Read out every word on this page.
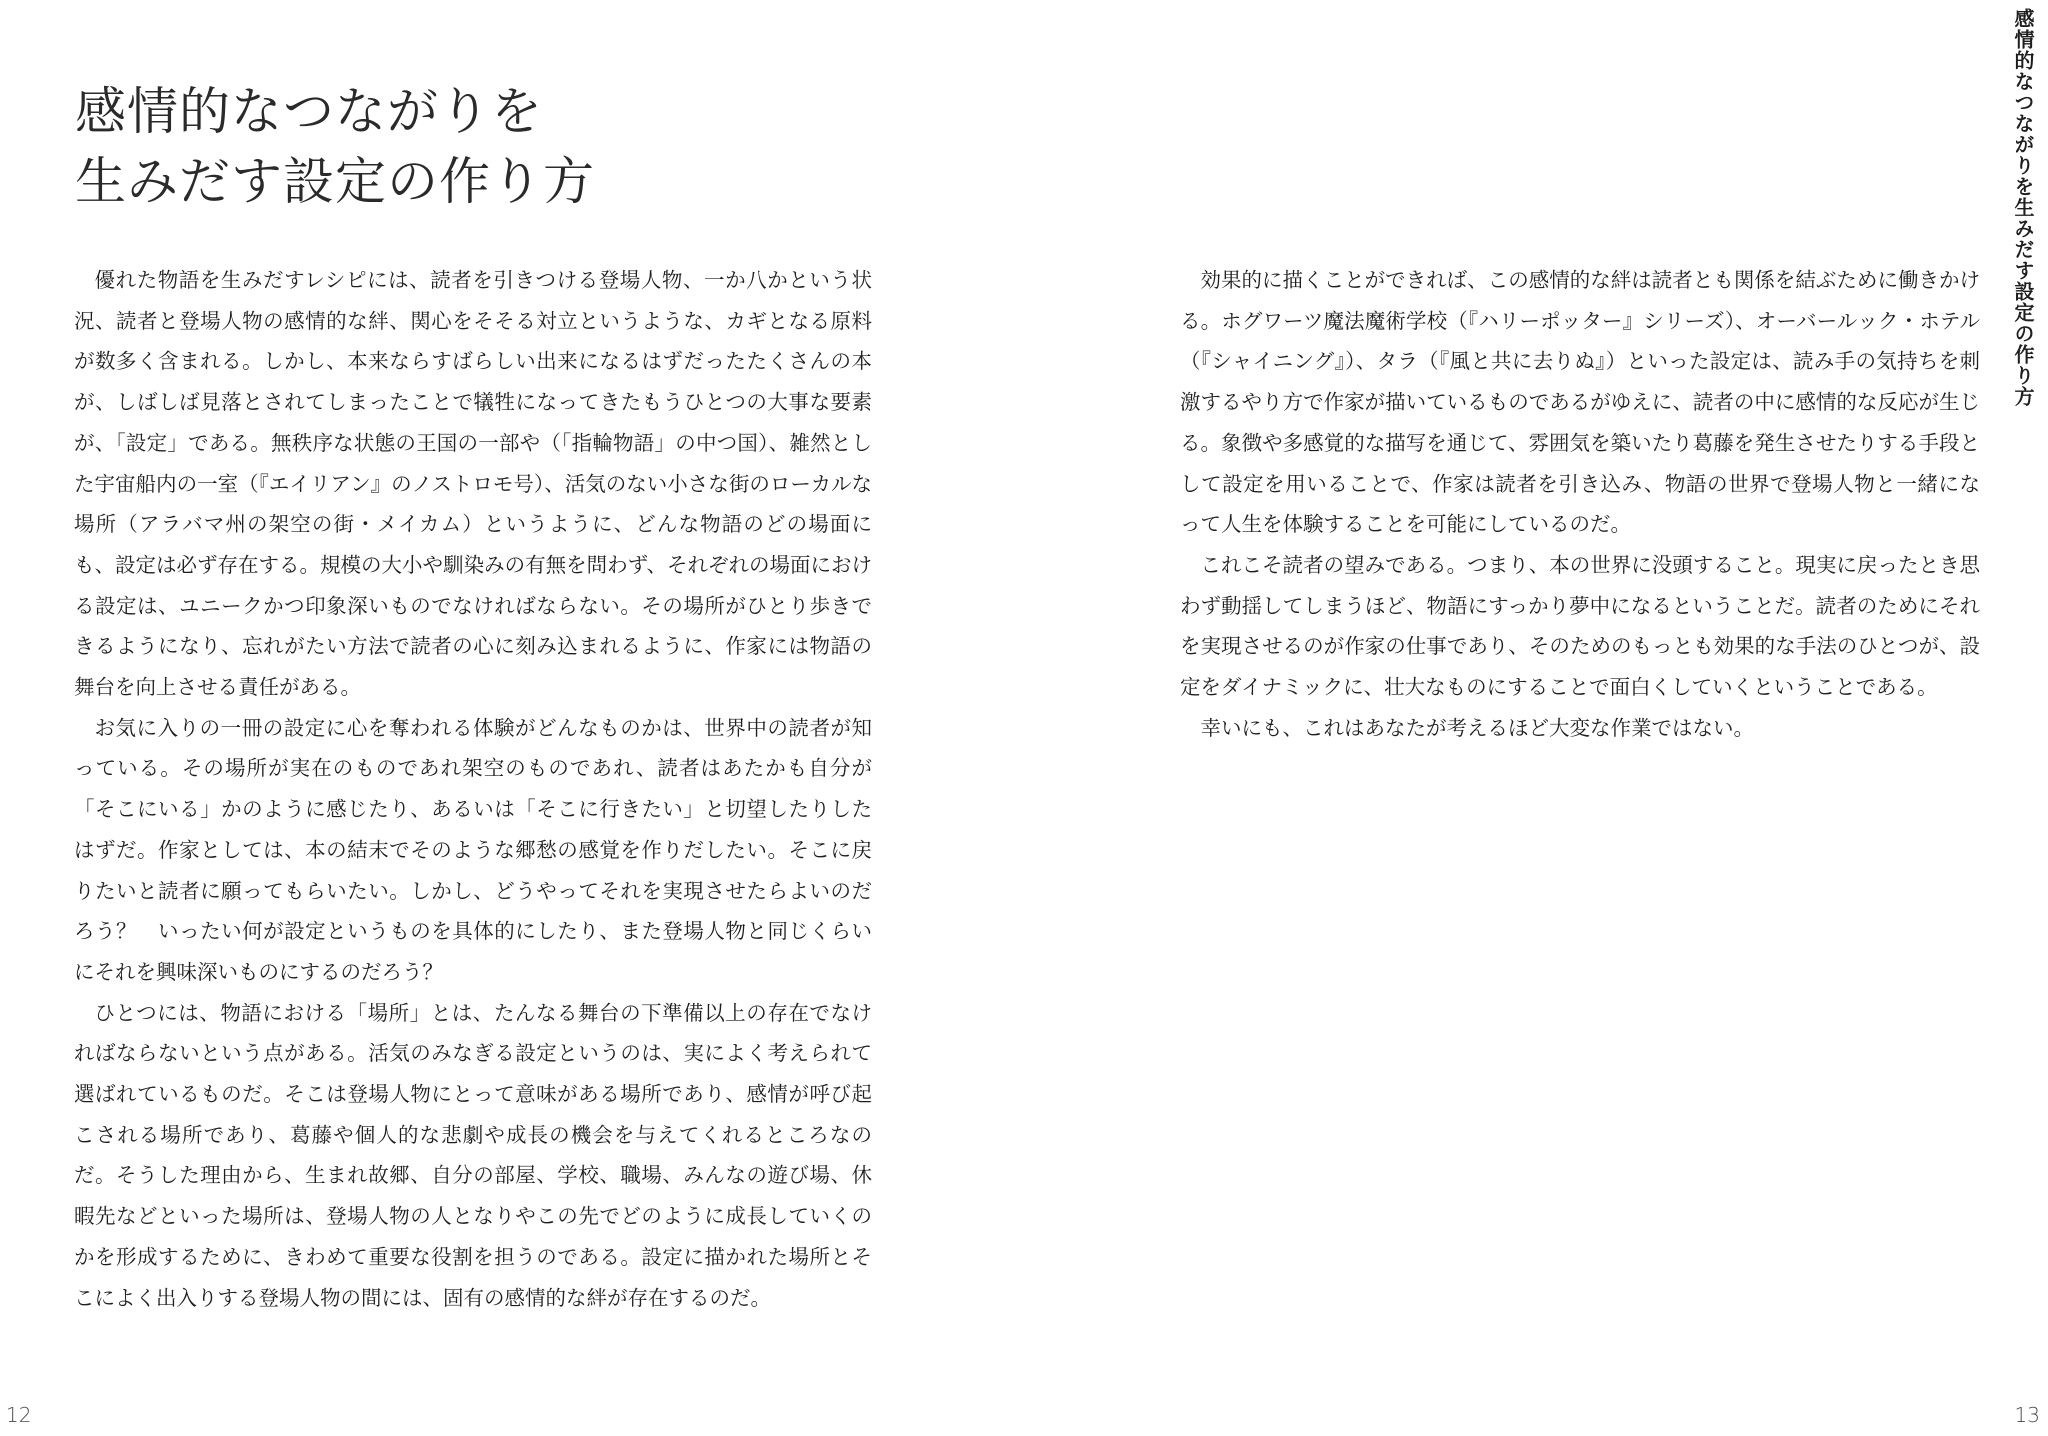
感情的なつながりを
生みだす設定の作り方

優れた物語を生みだすレシピには、読者を引きつける登場人物、一か八かという状況、読者と登場人物の感情的な絆、関心をそそる対立というような、カギとなる原料が数多く含まれる。しかし、本来ならすばらしい出来になるはずだったたくさんの本が、しばしば見落とされてしまったことで犠牲になってきたもうひとつの大事な要素が、「設定」である。無秩序な状態の王国の一部や（「指輪物語」の中つ国）、雑然とした宇宙船内の一室（『エイリアン』のノストロモ号）、活気のない小さな街のローカルな場所（アラバマ州の架空の街・メイカム）というように、どんな物語のどの場面にも、設定は必ず存在する。規模の大小や馴染みの有無を問わず、それぞれの場面における設定は、ユニークかつ印象深いものでなければならない。その場所がひとり歩きできるようになり、忘れがたい方法で読者の心に刻み込まれるように、作家には物語の舞台を向上させる責任がある。

お気に入りの一冊の設定に心を奪われる体験がどんなものかは、世界中の読者が知っている。その場所が実在のものであれ架空のものであれ、読者はあたかも自分が「そこにいる」かのように感じたり、あるいは「そこに行きたい」と切望したりしたはずだ。作家としては、本の結末でそのような郷愁の感覚を作りだしたい。そこに戻りたいと読者に願ってもらいたい。しかし、どうやってそれを実現させたらよいのだろう？　いったい何が設定というものを具体的にしたり、また登場人物と同じくらいにそれを興味深いものにするのだろう？

ひとつには、物語における「場所」とは、たんなる舞台の下準備以上の存在でなければならないという点がある。活気のみなぎる設定というのは、実によく考えられて選ばれているものだ。そこは登場人物にとって意味がある場所であり、感情が呼び起こされる場所であり、葛藤や個人的な悲劇や成長の機会を与えてくれるところなのだ。そうした理由から、生まれ故郷、自分の部屋、学校、職場、みんなの遊び場、休暇先などといった場所は、登場人物の人となりやこの先でどのように成長していくのかを形成するために、きわめて重要な役割を担うのである。設定に描かれた場所とそこによく出入りする登場人物の間には、固有の感情的な絆が存在するのだ。

効果的に描くことができれば、この感情的な絆は読者とも関係を結ぶために働きかける。ホグワーツ魔法魔術学校（『ハリーポッター』シリーズ）、オーバールック・ホテル（『シャイニング』）、タラ（『風と共に去りぬ』）といった設定は、読み手の気持ちを刺激するやり方で作家が描いているものであるがゆえに、読者の中に感情的な反応が生じる。象徴や多感覚的な描写を通じて、雰囲気を築いたり葛藤を発生させたりする手段として設定を用いることで、作家は読者を引き込み、物語の世界で登場人物と一緒になって人生を体験することを可能にしているのだ。

これこそ読者の望みである。つまり、本の世界に没頭すること。現実に戻ったとき思わず動揺してしまうほど、物語にすっかり夢中になるということだ。読者のためにそれを実現させるのが作家の仕事であり、そのためのもっとも効果的な手法のひとつが、設定をダイナミックに、壮大なものにすることで面白くしていくということである。

幸いにも、これはあなたが考えるほど大変な作業ではない。

感情的なつながりを生みだす設定の作り方
12	13
